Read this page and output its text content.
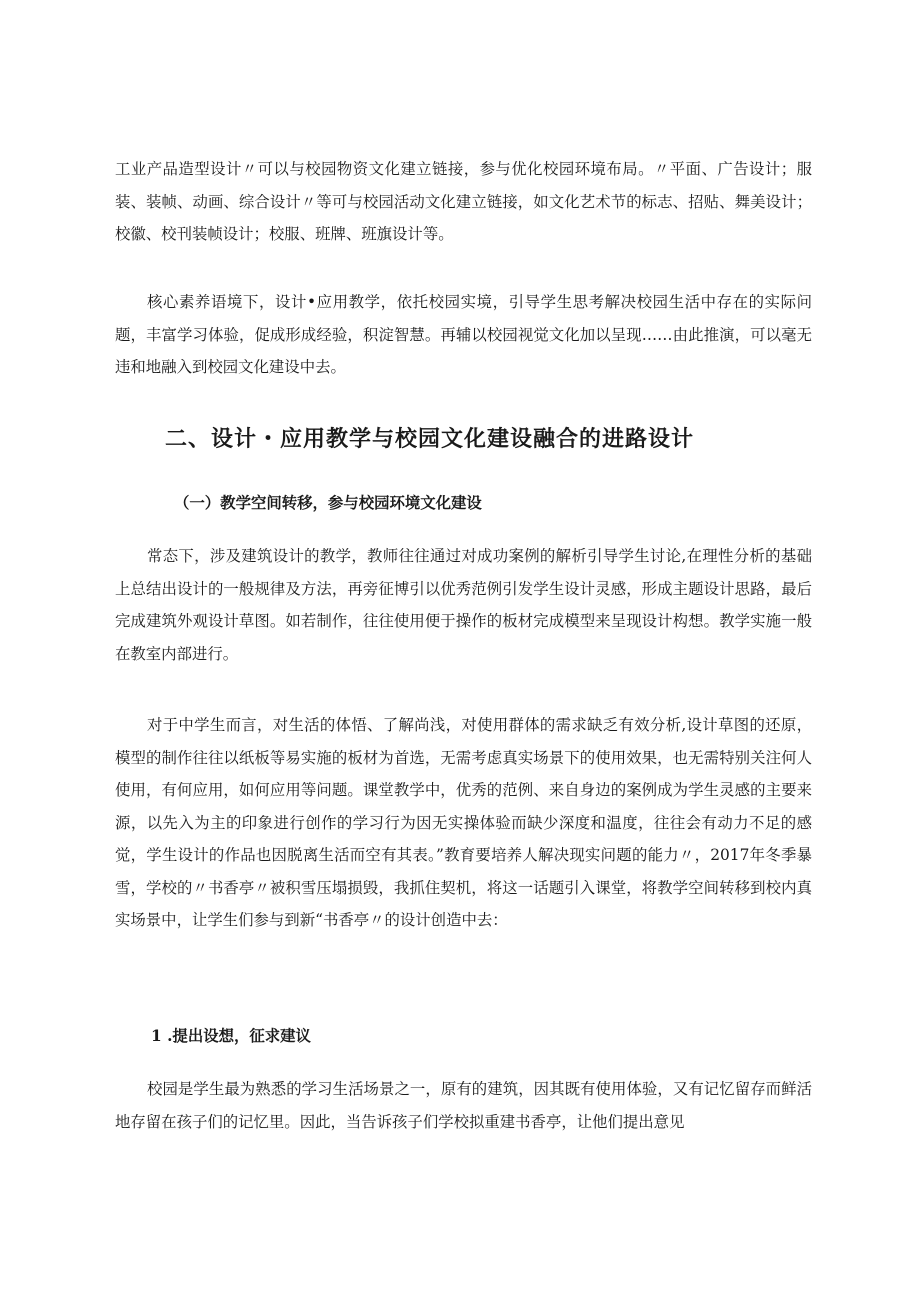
工业产品造型设计〃可以与校园物资文化建立链接，参与优化校园环境布局。〃平面、广告设计；服装、装帧、动画、综合设计〃等可与校园活动文化建立链接，如文化艺术节的标志、招贴、舞美设计；校徽、校刊装帧设计；校服、班牌、班旗设计等。

核心素养语境下，设计•应用教学，依托校园实境，引导学生思考解决校园生活中存在的实际问题，丰富学习体验，促成形成经验，积淀智慧。再辅以校园视觉文化加以呈现……由此推演，可以毫无违和地融入到校园文化建设中去。

二、设计・应用教学与校园文化建设融合的进路设计
（一）教学空间转移，参与校园环境文化建设

常态下，涉及建筑设计的教学，教师往往通过对成功案例的解析引导学生讨论,在理性分析的基础上总结出设计的一般规律及方法，再旁征博引以优秀范例引发学生设计灵感，形成主题设计思路，最后完成建筑外观设计草图。如若制作，往往使用便于操作的板材完成模型来呈现设计构想。教学实施一般在教室内部进行。

对于中学生而言，对生活的体悟、了解尚浅，对使用群体的需求缺乏有效分析,设计草图的还原，模型的制作往往以纸板等易实施的板材为首选，无需考虑真实场景下的使用效果，也无需特别关注何人使用，有何应用，如何应用等问题。课堂教学中，优秀的范例、来自身边的案例成为学生灵感的主要来源，以先入为主的印象进行创作的学习行为因无实操体验而缺少深度和温度，往往会有动力不足的感觉，学生设计的作品也因脱离生活而空有其表。”教育要培养人解决现实问题的能力〃，2017年冬季暴雪，学校的〃书香亭〃被积雪压塌损毁，我抓住契机，将这一话题引入课堂，将教学空间转移到校内真实场景中，让学生们参与到新“书香亭〃的设计创造中去：

1 .提出设想，征求建议

校园是学生最为熟悉的学习生活场景之一，原有的建筑，因其既有使用体验，又有记忆留存而鲜活地存留在孩子们的记忆里。因此，当告诉孩子们学校拟重建书香亭，让他们提出意见
